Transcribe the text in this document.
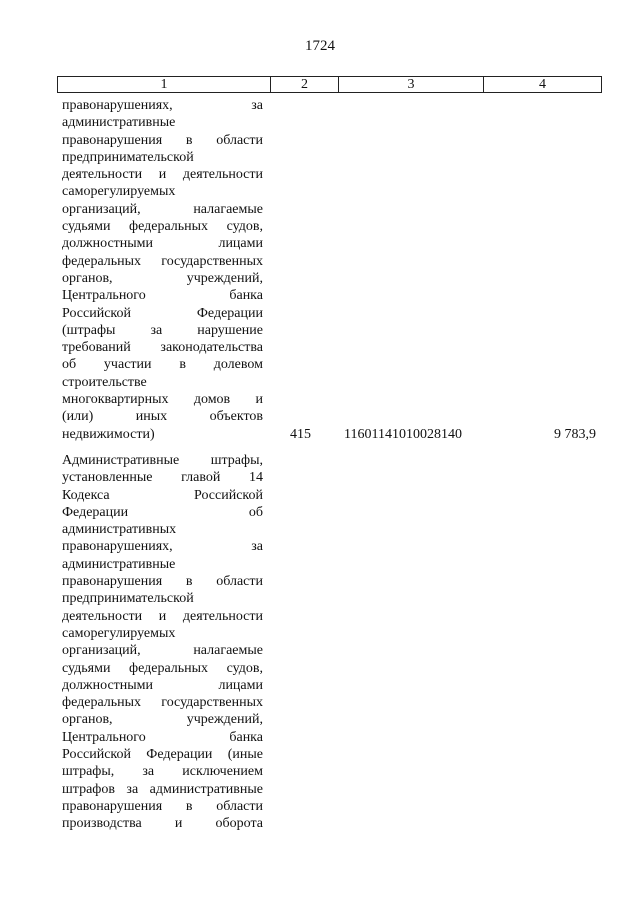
1724
1	2	3	4
правонарушениях, за
административные
правонарушения в области
предпринимательской
деятельности и деятельности
саморегулируемых
организаций, налагаемые
судьями федеральных судов,
должностными лицами
федеральных государственных
органов, учреждений,
Центрального банка
Российской Федерации
(штрафы за нарушение
требований законодательства
об участии в долевом
строительстве
многоквартирных домов и
(или) иных объектов
недвижимости)	415 11601141010028140	9 783,9
Административные штрафы,
установленные главой 14
Кодекса Российской
Федерации об
административных
правонарушениях, за
административные
правонарушения в области
предпринимательской
деятельности и деятельности
саморегулируемых
организаций, налагаемые
судьями федеральных судов,
должностными лицами
федеральных государственных
органов, учреждений,
Центрального банка
Российской Федерации (иные
штрафы, за исключением
штрафов за административные
правонарушения в области
производства и оборота
